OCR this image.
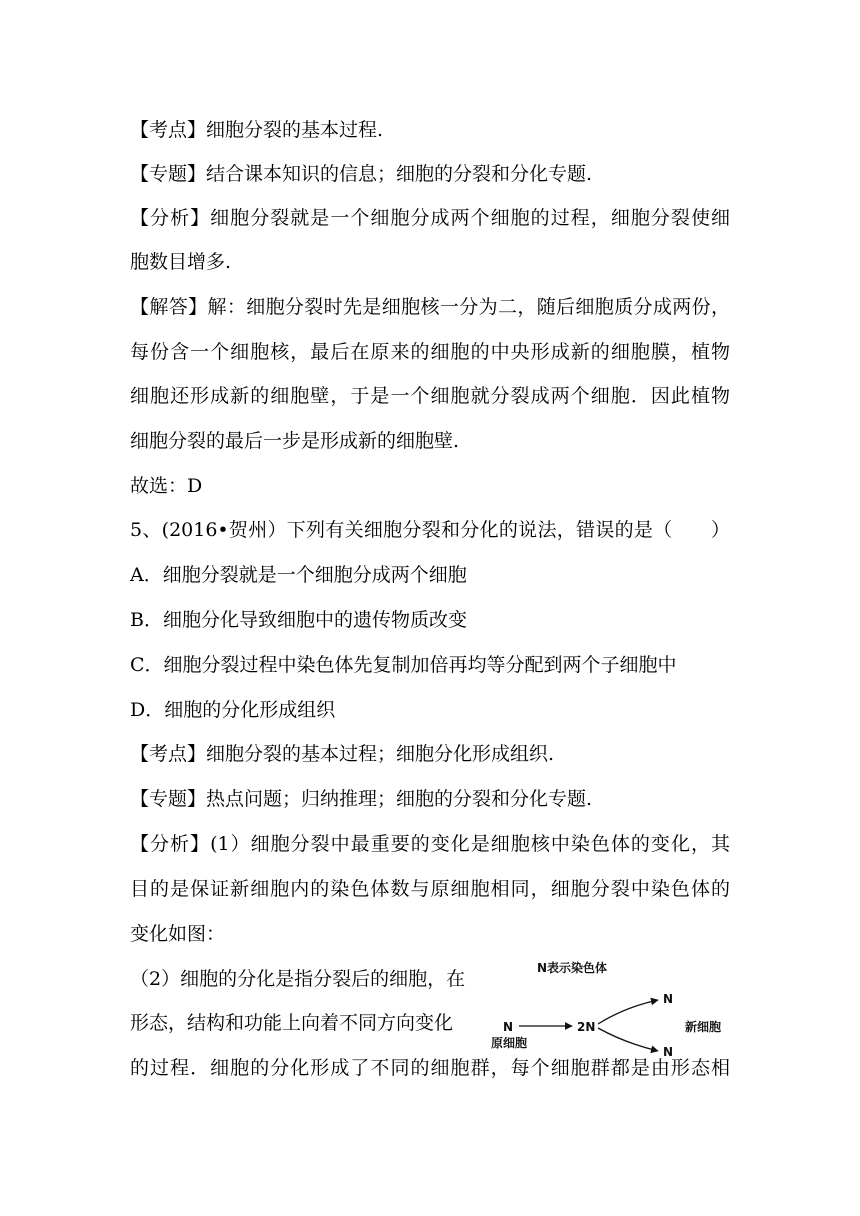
【考点】细胞分裂的基本过程.
【专题】结合课本知识的信息；细胞的分裂和分化专题.
【分析】细胞分裂就是一个细胞分成两个细胞的过程，细胞分裂使细
胞数目增多.
【解答】解：细胞分裂时先是细胞核一分为二，随后细胞质分成两份，
每份含一个细胞核，最后在原来的细胞的中央形成新的细胞膜，植物
细胞还形成新的细胞壁，于是一个细胞就分裂成两个细胞．因此植物
细胞分裂的最后一步是形成新的细胞壁.
故选：D
5、(2016•贺州）下列有关细胞分裂和分化的说法，错误的是（　　）
A．细胞分裂就是一个细胞分成两个细胞
B．细胞分化导致细胞中的遗传物质改变
C．细胞分裂过程中染色体先复制加倍再均等分配到两个子细胞中
D．细胞的分化形成组织
【考点】细胞分裂的基本过程；细胞分化形成组织.
【专题】热点问题；归纳推理；细胞的分裂和分化专题.
【分析】(1）细胞分裂中最重要的变化是细胞核中染色体的变化，其
目的是保证新细胞内的染色体数与原细胞相同，细胞分裂中染色体的
变化如图：
（2）细胞的分化是指分裂后的细胞，在
形态，结构和功能上向着不同方向变化
的过程．细胞的分化形成了不同的细胞群，每个细胞群都是由形态相
N表示染色体
N
原细胞
2N
N
N
新细胞
